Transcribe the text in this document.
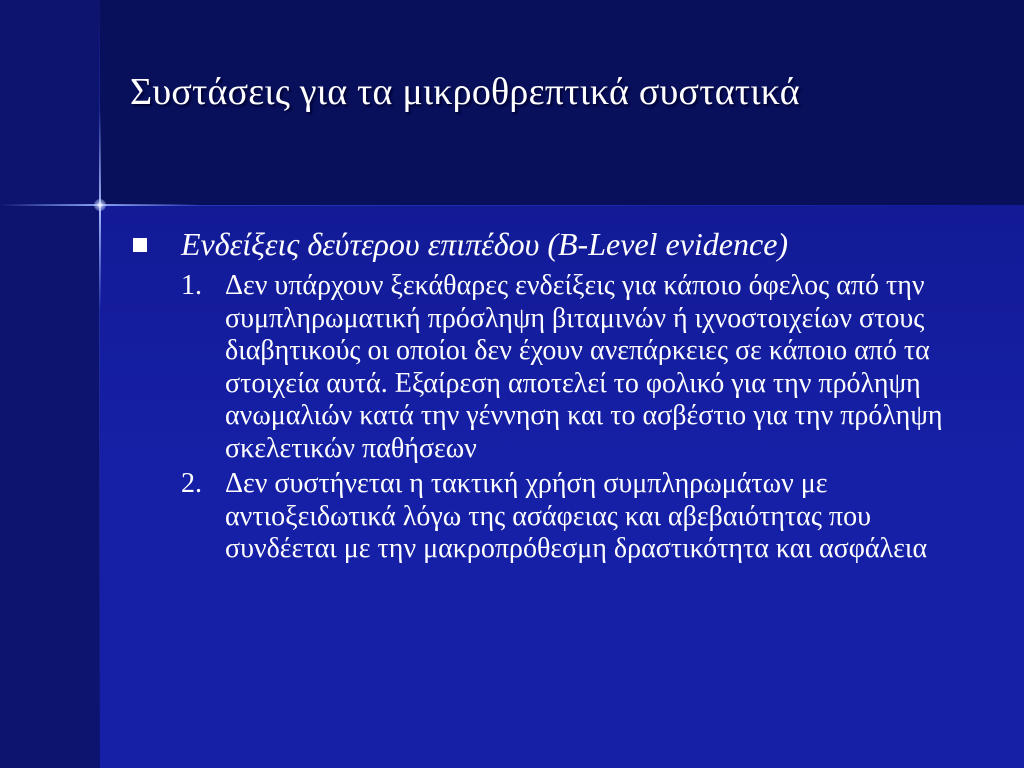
Συστάσεις για τα μικροθρεπτικά συστατικά
Ενδείξεις δεύτερου επιπέδου (B-Level evidence)
1. Δεν υπάρχουν ξεκάθαρες ενδείξεις για κάποιο όφελος από την συμπληρωματική πρόσληψη βιταμινών ή ιχνοστοιχείων στους διαβητικούς οι οποίοι δεν έχουν ανεπάρκειες σε κάποιο από τα στοιχεία αυτά. Εξαίρεση αποτελεί το φολικό για την πρόληψη ανωμαλιών κατά την γέννηση και το ασβέστιο για την πρόληψη σκελετικών παθήσεων
2. Δεν συστήνεται η τακτική χρήση συμπληρωμάτων με αντιοξειδωτικά λόγω της ασάφειας και αβεβαιότητας που συνδέεται με την μακροπρόθεσμη δραστικότητα και ασφάλεια
